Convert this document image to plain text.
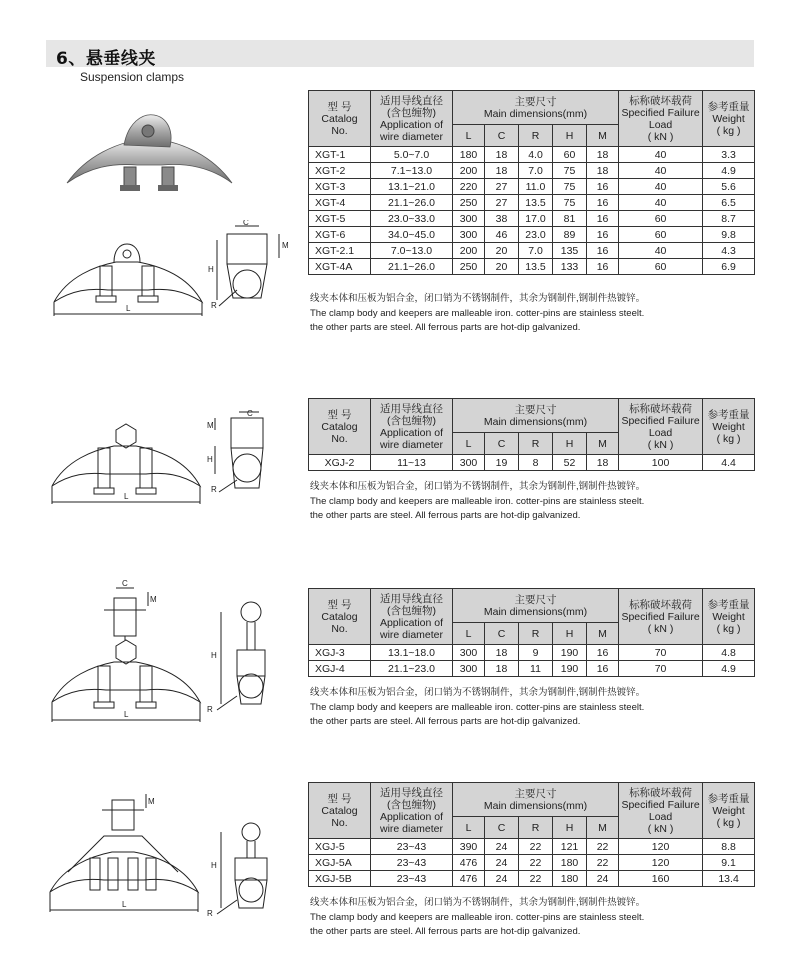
6、悬垂线夹
Suspension clamps
L
C
H
M
R
L
C
M
H
R
C
M
L
H
R
M
L
H
R
型 号
Catalog
No.	适用导线直径
(含包缠物)
Application of
wire diameter	主要尺寸
Main dimensions(mm)					标称破坏载荷
Specified Failure
Load
( kN )	参考重量
Weight
( kg )

		L	C	R	H	M		
XGT-1	5.0~7.0	180	18	4.0	60	18	40	3.3
XGT-2	7.1~13.0	200	18	7.0	75	18	40	4.9
XGT-3	13.1~21.0	220	27	11.0	75	16	40	5.6
XGT-4	21.1~26.0	250	27	13.5	75	16	40	6.5
XGT-5	23.0~33.0	300	38	17.0	81	16	60	8.7
XGT-6	34.0~45.0	300	46	23.0	89	16	60	9.8
XGT-2.1	7.0~13.0	200	20	7.0	135	16	40	4.3
XGT-4A	21.1~26.0	250	20	13.5	133	16	60	6.9
线夹本体和压板为铝合金，闭口销为不锈钢制件，其余为钢制件,钢制件热镀锌。
The clamp body and keepers are malleable iron. cotter-pins are stainless steelt.
the other parts are steel. All ferrous parts are hot-dip galvanized.
型 号
Catalog
No.	适用导线直径
(含包缠物)
Application of
wire diameter	主要尺寸
Main dimensions(mm)					标称破坏载荷
Specified Failure
Load
( kN )	参考重量
Weight
( kg )

		L	C	R	H	M		
XGJ-2	11~13	300	19	8	52	18	100	4.4
线夹本体和压板为铝合金，闭口销为不锈钢制件，其余为钢制件,钢制件热镀锌。
The clamp body and keepers are malleable iron. cotter-pins are stainless steelt.
the other parts are steel. All ferrous parts are hot-dip galvanized.
型 号
Catalog
No.	适用导线直径
(含包缠物)
Application of
wire diameter	主要尺寸
Main dimensions(mm)					标称破坏载荷
Specified Failure
( kN )	参考重量
Weight
( kg )

		L	C	R	H	M		
XGJ-3	13.1~18.0	300	18	9	190	16	70	4.8
XGJ-4	21.1~23.0	300	18	11	190	16	70	4.9
线夹本体和压板为铝合金，闭口销为不锈钢制件，其余为钢制件,钢制件热镀锌。
The clamp body and keepers are malleable iron. cotter-pins are stainless steelt.
the other parts are steel. All ferrous parts are hot-dip galvanized.
型 号
Catalog
No.	适用导线直径
(含包缠物)
Application of
wire diameter	主要尺寸
Main dimensions(mm)					标称破坏载荷
Specified Failure
Load
( kN )	参考重量
Weight
( kg )

		L	C	R	H	M		
XGJ-5	23~43	390	24	22	121	22	120	8.8
XGJ-5A	23~43	476	24	22	180	22	120	9.1
XGJ-5B	23~43	476	24	22	180	24	160	13.4
线夹本体和压板为铝合金，闭口销为不锈钢制件，其余为钢制件,钢制件热镀锌。
The clamp body and keepers are malleable iron. cotter-pins are stainless steelt.
the other parts are steel. All ferrous parts are hot-dip galvanized.
